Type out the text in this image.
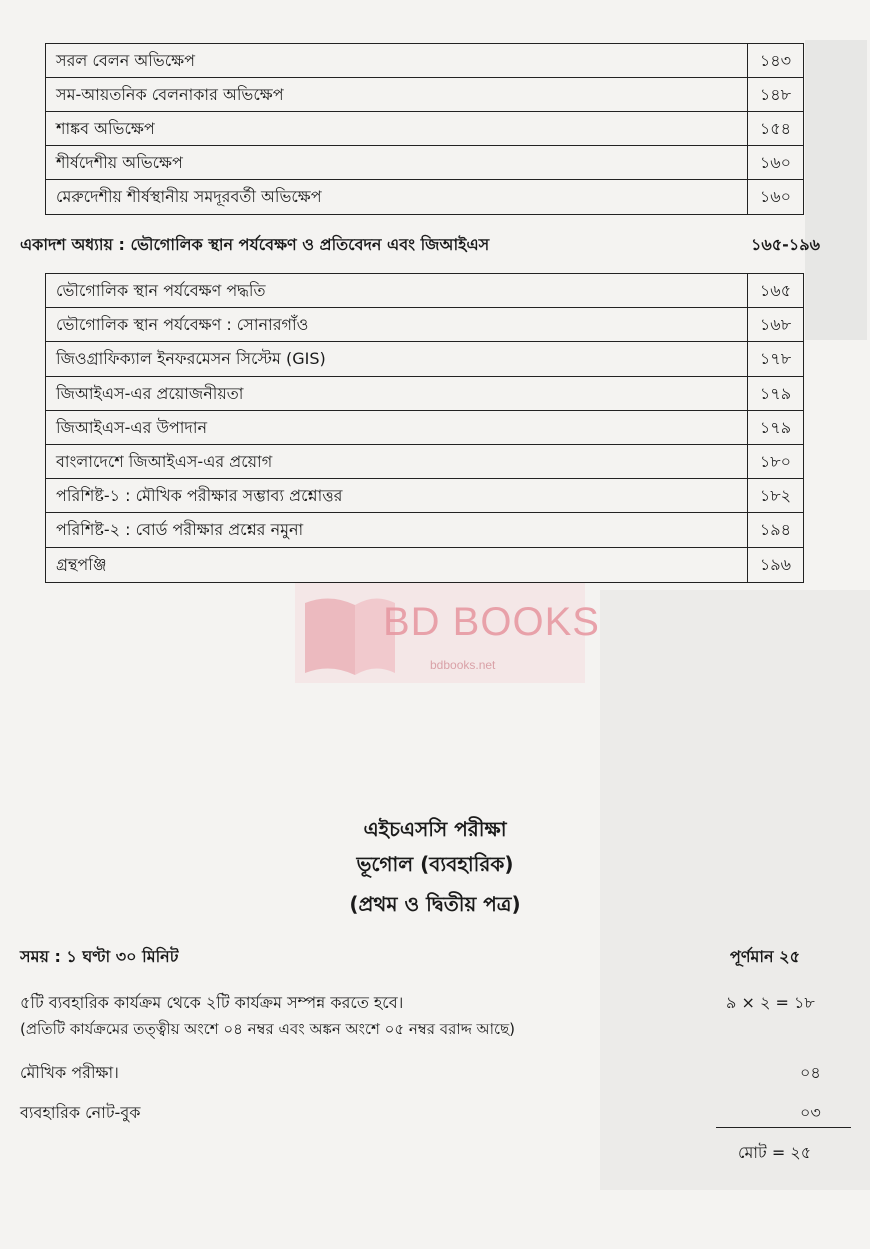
সরল বেলন অভিক্ষেপ	১৪৩
সম-আয়তনিক বেলনাকার অভিক্ষেপ	১৪৮
শাঙ্কব অভিক্ষেপ	১৫৪
শীর্ষদেশীয় অভিক্ষেপ	১৬০
মেরুদেশীয় শীর্ষস্থানীয় সমদূরবর্তী অভিক্ষেপ	১৬০
একাদশ অধ্যায় : ভৌগোলিক স্থান পর্যবেক্ষণ ও প্রতিবেদন এবং জিআইএস	১৬৫-১৯৬
ভৌগোলিক স্থান পর্যবেক্ষণ পদ্ধতি	১৬৫
ভৌগোলিক স্থান পর্যবেক্ষণ : সোনারগাঁও	১৬৮
জিওগ্রাফিক্যাল ইনফরমেসন সিস্টেম (GIS)	১৭৮
জিআইএস-এর প্রয়োজনীয়তা	১৭৯
জিআইএস-এর উপাদান	১৭৯
বাংলাদেশে জিআইএস-এর প্রয়োগ	১৮০
পরিশিষ্ট-১ : মৌখিক পরীক্ষার সম্ভাব্য প্রশ্নোত্তর	১৮২
পরিশিষ্ট-২ : বোর্ড পরীক্ষার প্রশ্নের নমুনা	১৯৪
গ্রন্থপঞ্জি	১৯৬
BD BOOKS
bdbooks.net
এইচএসসি পরীক্ষা
ভূগোল (ব্যবহারিক)
(প্রথম ও দ্বিতীয় পত্র)
সময় : ১ ঘণ্টা ৩০ মিনিট	পূর্ণমান ২৫
৫টি ব্যবহারিক কার্যক্রম থেকে ২টি কার্যক্রম সম্পন্ন করতে হবে।	৯ × ২ = ১৮
(প্রতিটি কার্যক্রমের তত্ত্বীয় অংশে ০৪ নম্বর এবং অঙ্কন অংশে ০৫ নম্বর বরাদ্দ আছে)
মৌখিক পরীক্ষা।	০৪
ব্যবহারিক নোট-বুক	০৩
মোট = ২৫
